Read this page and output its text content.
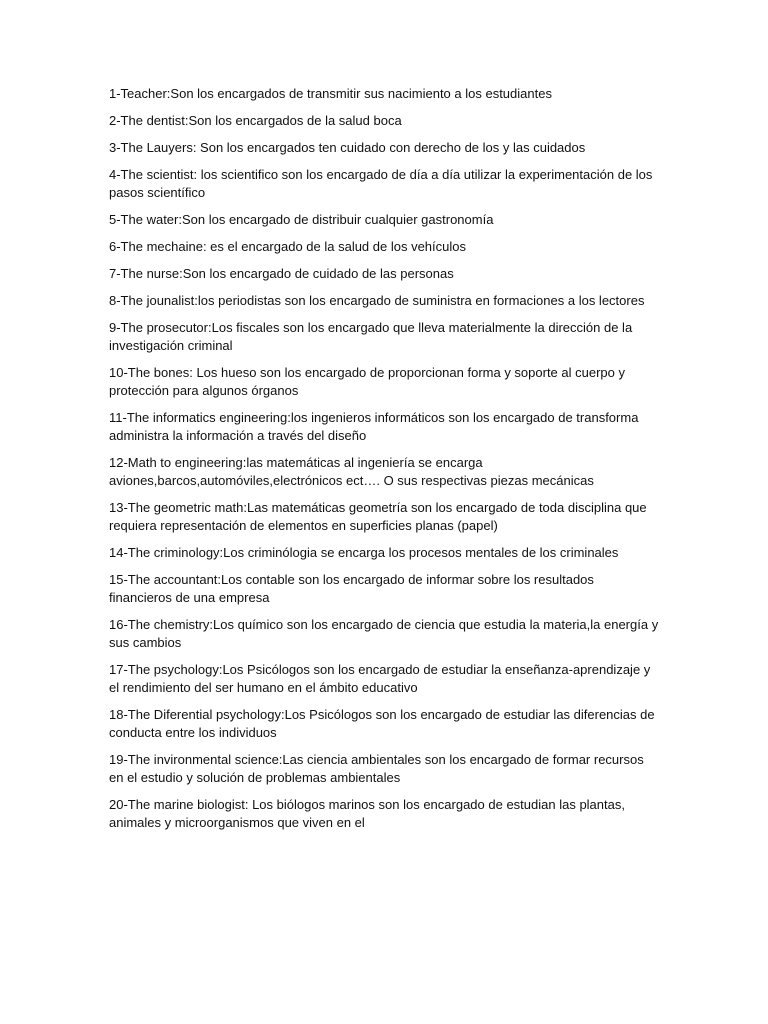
1-Teacher:Son los encargados de transmitir sus nacimiento a los estudiantes

2-The dentist:Son los encargados de la salud boca

3-The Lauyers: Son los encargados ten cuidado con derecho de los y las cuidados

4-The scientist: los scientifico son los encargado de día a día utilizar la experimentación de los pasos scientífico

5-The water:Son los encargado de distribuir cualquier gastronomía

6-The mechaine: es el encargado de la salud de los vehículos

7-The nurse:Son los encargado de cuidado de las personas

8-The jounalist:los periodistas son los encargado de suministra en formaciones a los lectores

9-The prosecutor:Los fiscales son los encargado que lleva materialmente la dirección de la investigación criminal

10-The bones: Los hueso son los encargado de proporcionan forma y soporte al cuerpo y protección para algunos órganos

11-The informatics engineering:los ingenieros informáticos son los encargado de transforma administra la información a través del diseño

12-Math to engineering:las matemáticas al ingeniería se encarga aviones,barcos,automóviles,electrónicos ect…. O sus respectivas piezas mecánicas

13-The geometric math:Las matemáticas geometría son los encargado de toda disciplina que requiera representación de elementos en superficies planas (papel)

14-The criminology:Los criminólogia se encarga los procesos mentales de los criminales

15-The accountant:Los contable son los encargado de informar sobre los resultados financieros de una empresa

16-The chemistry:Los químico son los encargado de ciencia que estudia la materia,la energía y sus cambios

17-The psychology:Los Psicólogos son los encargado de estudiar la enseñanza-aprendizaje y el rendimiento del ser humano en el ámbito educativo

18-The Diferential psychology:Los Psicólogos son los encargado de estudiar las diferencias de conducta entre los individuos

19-The invironmental science:Las ciencia ambientales son los encargado de formar recursos en el estudio y solución de problemas ambientales

20-The marine biologist: Los biólogos marinos son los encargado de estudian las plantas, animales y microorganismos que viven en el
